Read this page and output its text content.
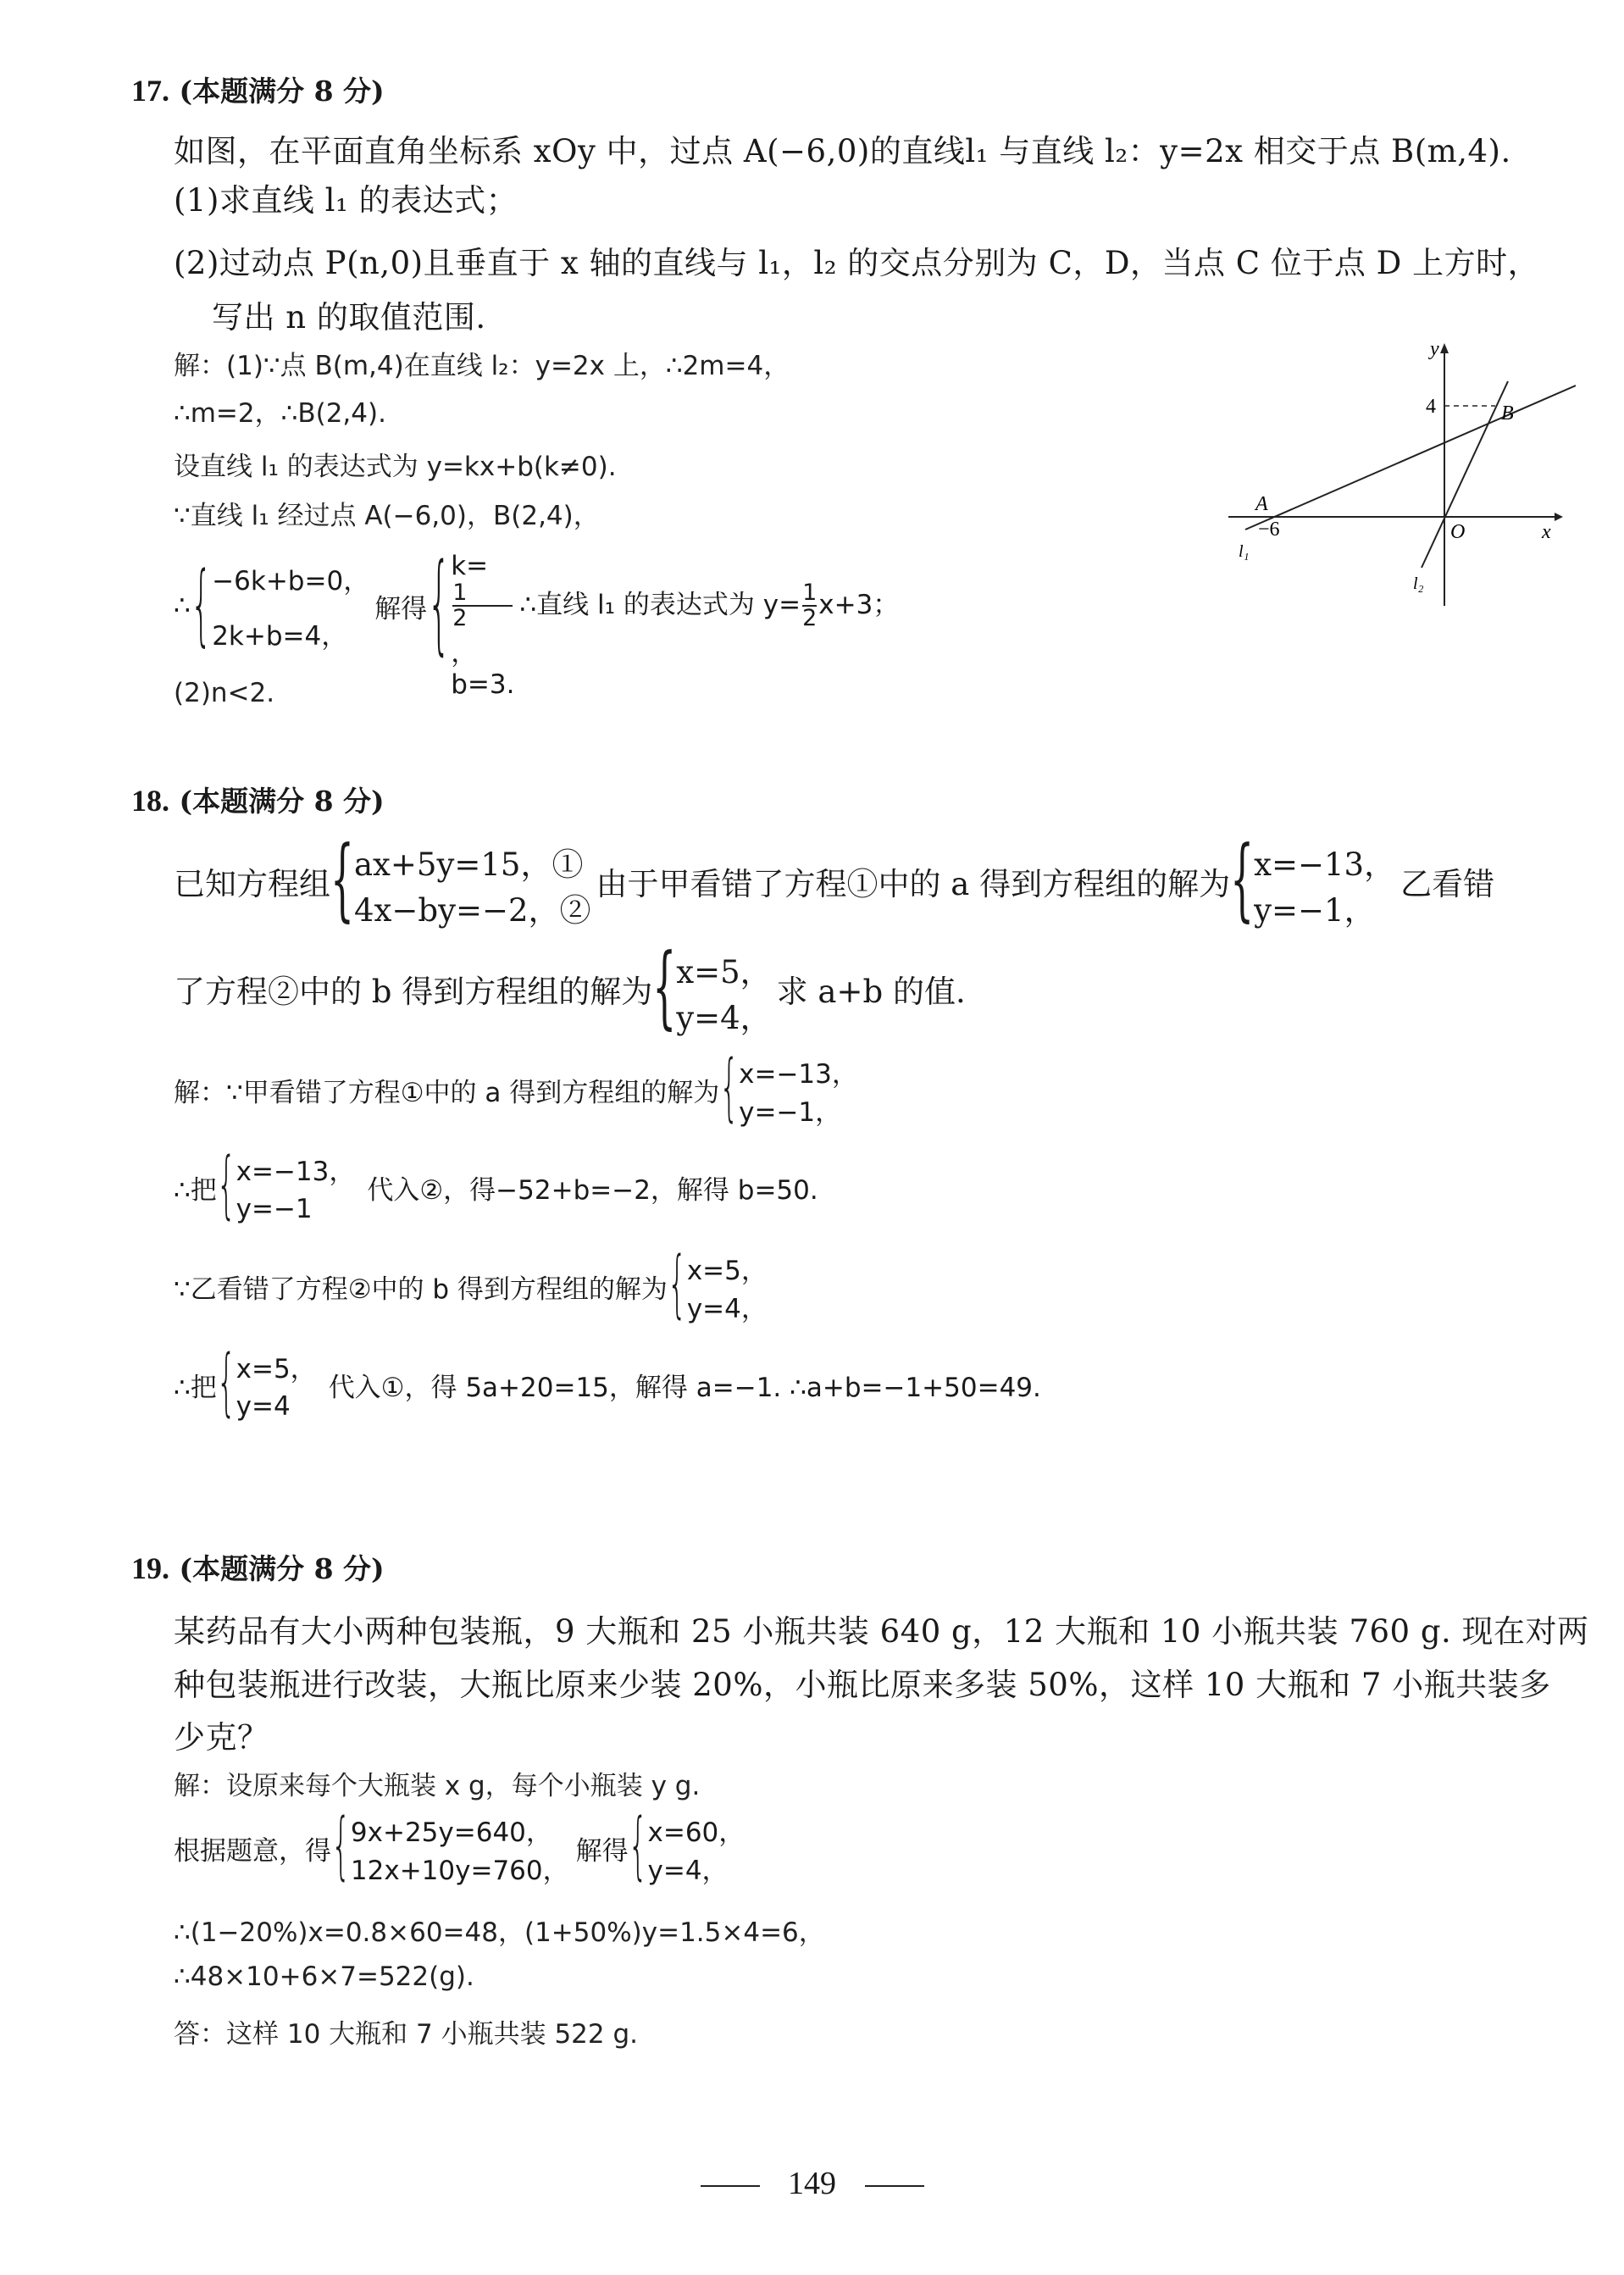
17. (本题满分 8 分)
如图，在平面直角坐标系 xOy 中，过点 A(−6,0)的直线l₁ 与直线 l₂：y=2x 相交于点 B(m,4).
(1)求直线 l₁ 的表达式；
(2)过动点 P(n,0)且垂直于 x 轴的直线与 l₁，l₂ 的交点分别为 C，D，当点 C 位于点 D 上方时，
写出 n 的取值范围.
解：(1)∵点 B(m,4)在直线 l₂：y=2x 上，∴2m=4，
∴m=2，∴B(2,4).
设直线 l₁ 的表达式为 y=kx+b(k≠0).
∵直线 l₁ 经过点 A(−6,0)，B(2,4)，
∴ { −6k+b=0，
2k+b=4，
解得 { k=
1
2
，
b=3.
∴直线 l₁ 的表达式为 $y= \frac{1}{2} x+3$；
(2)n<2.
y
x
4
−6	O
A
B
l₁
l₂
18. (本题满分 8 分)
已知方程组 { ax+5y=15，①
4x−by=−2，②
由于甲看错了方程①中的 a 得到方程组的解为 { x=−13，
y=−1，
乙看错
了方程②中的 b 得到方程组的解为 { x=5，
y=4，
求 a+b 的值.
解：∵甲看错了方程①中的 a 得到方程组的解为 { x=−13，
y=−1，
∴把 { x=−13，
y=−1
代入②，得−52+b=−2，解得 b=50.
∵乙看错了方程②中的 b 得到方程组的解为 { x=5，
y=4，
∴把 { x=5，
y=4
代入①，得 5a+20=15，解得 a=−1. ∴a+b=−1+50=49.
19. (本题满分 8 分)
某药品有大小两种包装瓶，9 大瓶和 25 小瓶共装 640 g，12 大瓶和 10 小瓶共装 760 g. 现在对两
种包装瓶进行改装，大瓶比原来少装 20%，小瓶比原来多装 50%，这样 10 大瓶和 7 小瓶共装多
少克？
解：设原来每个大瓶装 x g，每个小瓶装 y g.
根据题意，得 { 9x+25y=640，
12x+10y=760，
解得 { x=60，
y=4，
∴(1−20%)x=0.8×60=48，(1+50%)y=1.5×4=6，
∴48×10+6×7=522(g).
答：这样 10 大瓶和 7 小瓶共装 522 g.
149
